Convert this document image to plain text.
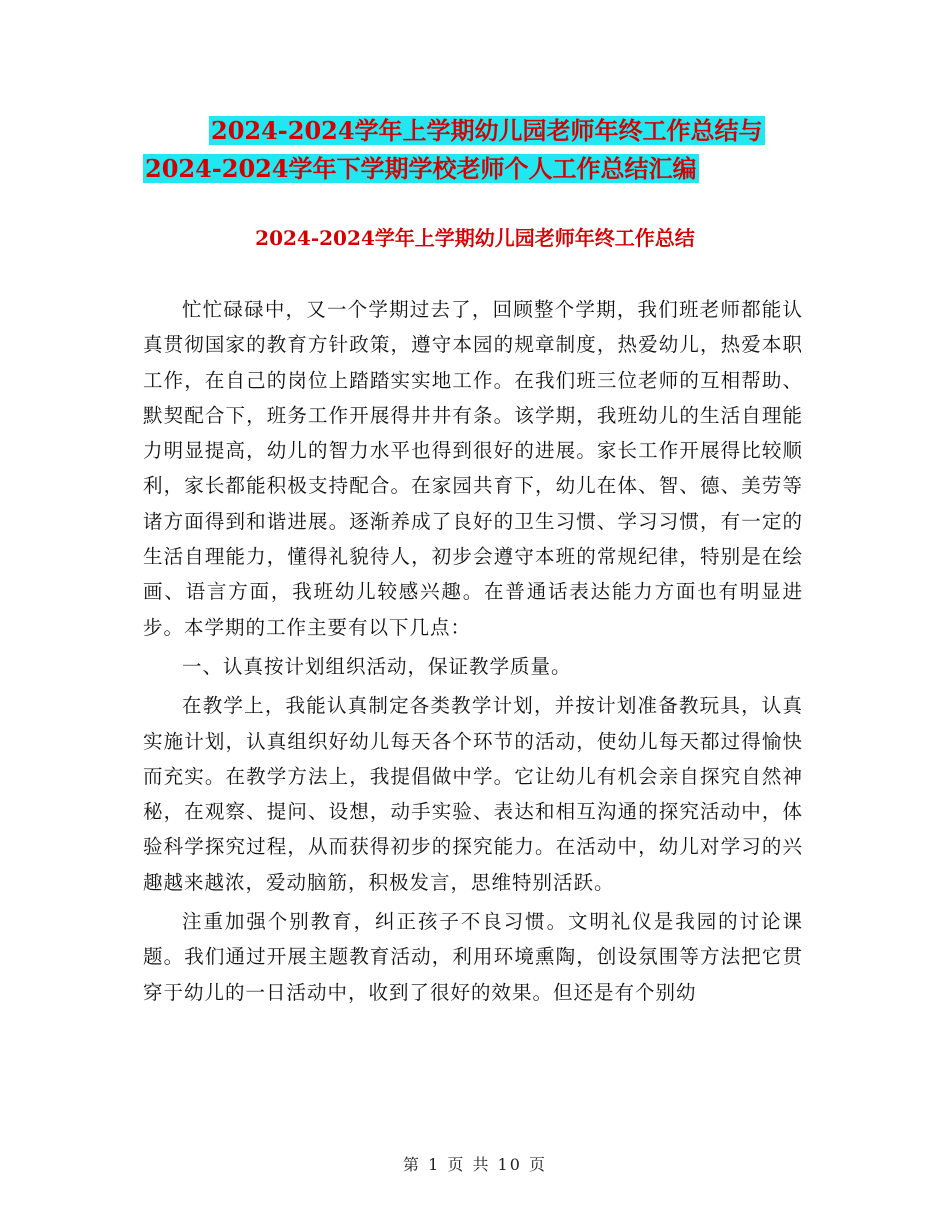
2024-2024学年上学期幼儿园老师年终工作总结与
2024-2024学年下学期学校老师个人工作总结汇编
2024-2024学年上学期幼儿园老师年终工作总结

忙忙碌碌中，又一个学期过去了，回顾整个学期，我们班老师都能认真贯彻国家的教育方针政策，遵守本园的规章制度，热爱幼儿，热爱本职工作，在自己的岗位上踏踏实实地工作。在我们班三位老师的互相帮助、默契配合下，班务工作开展得井井有条。该学期，我班幼儿的生活自理能力明显提高，幼儿的智力水平也得到很好的进展。家长工作开展得比较顺利，家长都能积极支持配合。在家园共育下，幼儿在体、智、德、美劳等诸方面得到和谐进展。逐渐养成了良好的卫生习惯、学习习惯，有一定的生活自理能力，懂得礼貌待人，初步会遵守本班的常规纪律，特别是在绘画、语言方面，我班幼儿较感兴趣。在普通话表达能力方面也有明显进步。本学期的工作主要有以下几点：

一、认真按计划组织活动，保证教学质量。

在教学上，我能认真制定各类教学计划，并按计划准备教玩具，认真实施计划，认真组织好幼儿每天各个环节的活动，使幼儿每天都过得愉快而充实。在教学方法上，我提倡做中学。它让幼儿有机会亲自探究自然神秘，在观察、提问、设想，动手实验、表达和相互沟通的探究活动中，体验科学探究过程，从而获得初步的探究能力。在活动中，幼儿对学习的兴趣越来越浓，爱动脑筋，积极发言，思维特别活跃。

注重加强个别教育，纠正孩子不良习惯。文明礼仪是我园的讨论课题。我们通过开展主题教育活动，利用环境熏陶，创设氛围等方法把它贯穿于幼儿的一日活动中，收到了很好的效果。但还是有个别幼

第 1 页 共 10 页
